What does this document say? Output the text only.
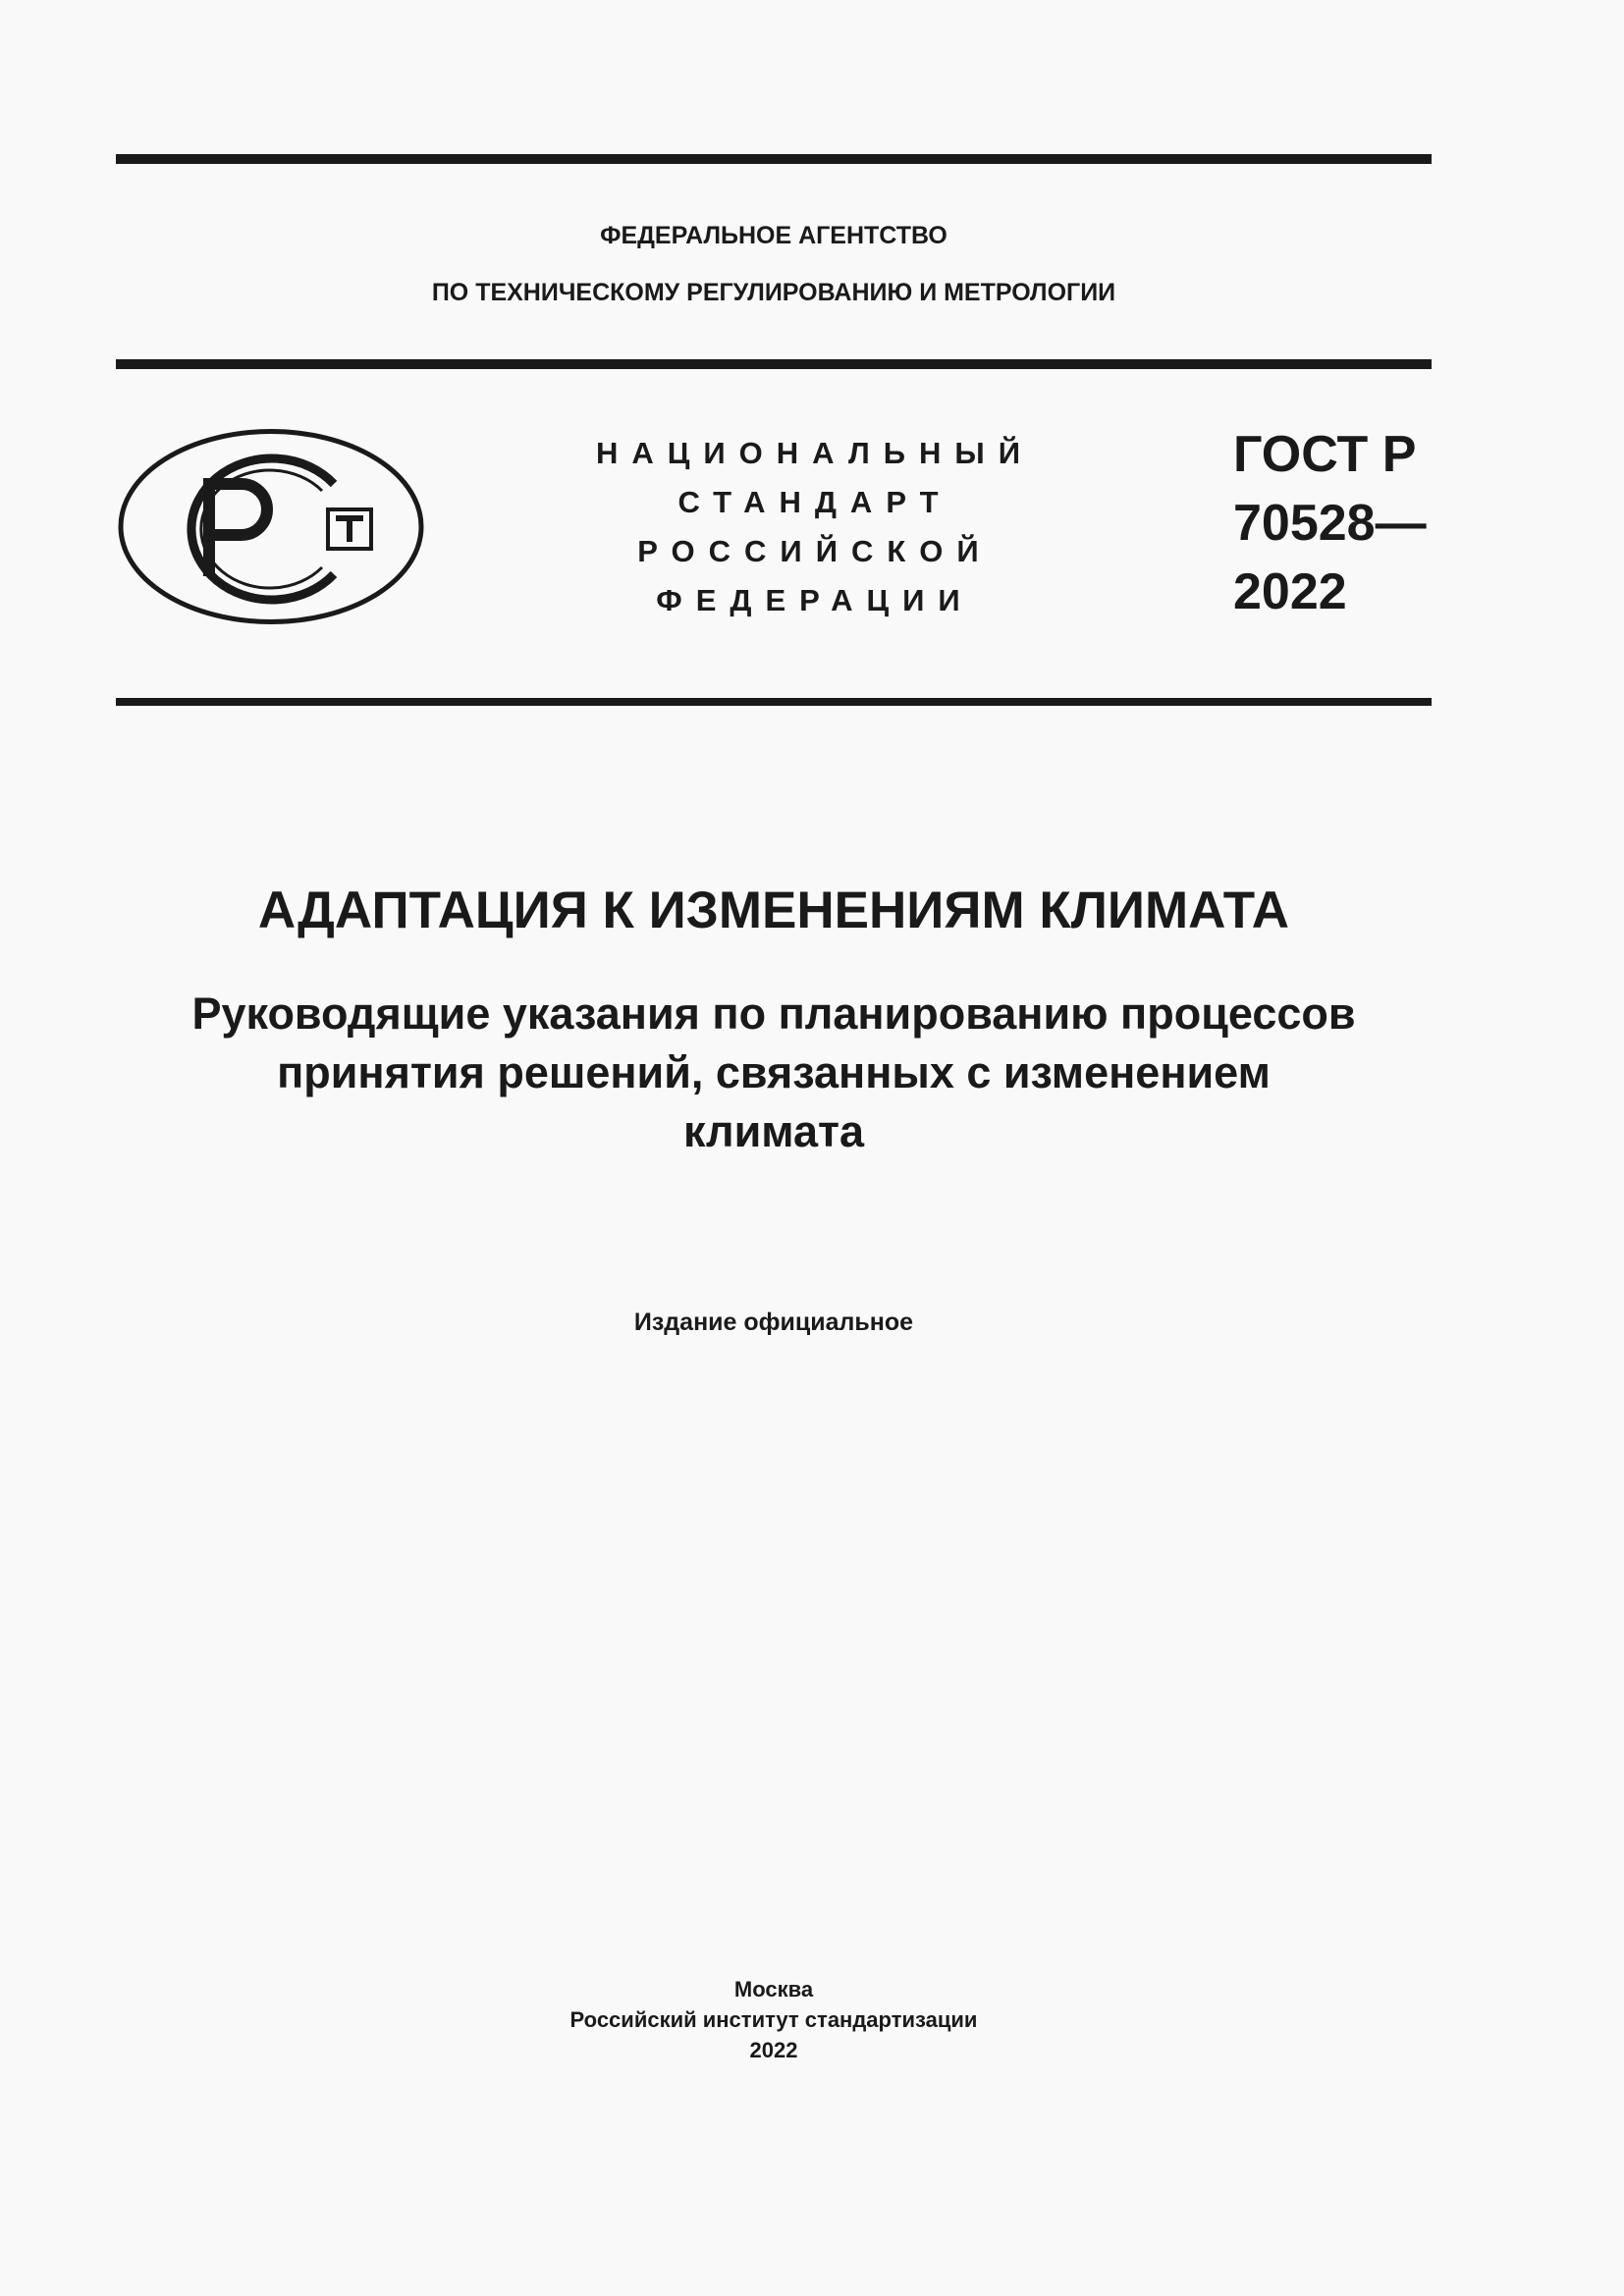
ФЕДЕРАЛЬНОЕ АГЕНТСТВО
ПО ТЕХНИЧЕСКОМУ РЕГУЛИРОВАНИЮ И МЕТРОЛОГИИ
НАЦИОНАЛЬНЫЙ
СТАНДАРТ
РОССИЙСКОЙ
ФЕДЕРАЦИИ
ГОСТ Р
70528—
2022
АДАПТАЦИЯ К ИЗМЕНЕНИЯМ КЛИМАТА
Руководящие указания по планированию процессов
принятия решений, связанных с изменением
климата
Издание официальное
Москва
Российский институт стандартизации
2022
